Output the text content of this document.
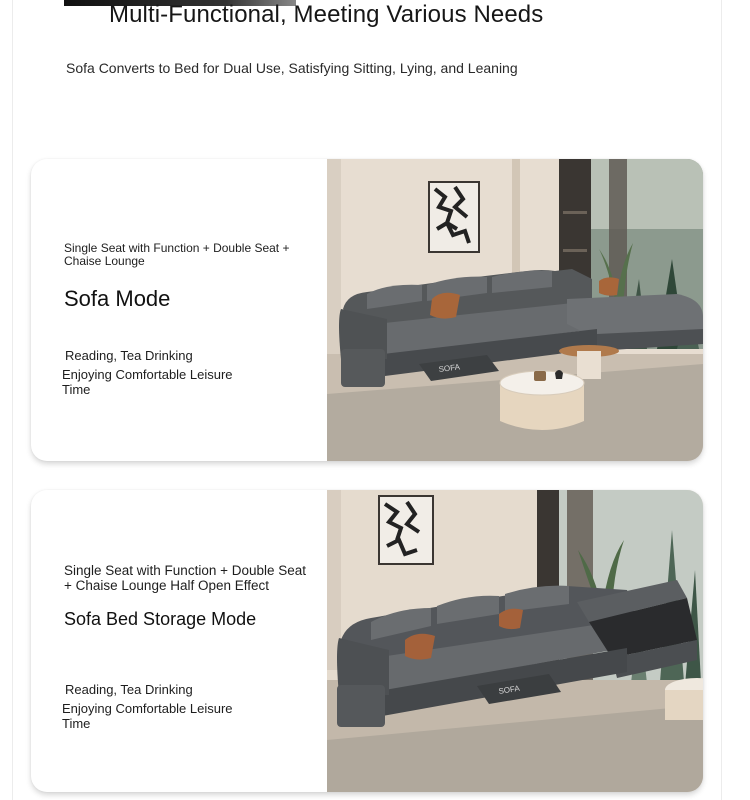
Multi-Functional, Meeting Various Needs
Sofa Converts to Bed for Dual Use, Satisfying Sitting, Lying, and Leaning
Single Seat with Function + Double Seat + Chaise Lounge
Sofa Mode
Reading, Tea Drinking
Enjoying Comfortable Leisure Time
SOFA
Single Seat with Function + Double Seat + Chaise Lounge Half Open Effect
Sofa Bed Storage Mode
Reading, Tea Drinking
Enjoying Comfortable Leisure Time
SOFA
